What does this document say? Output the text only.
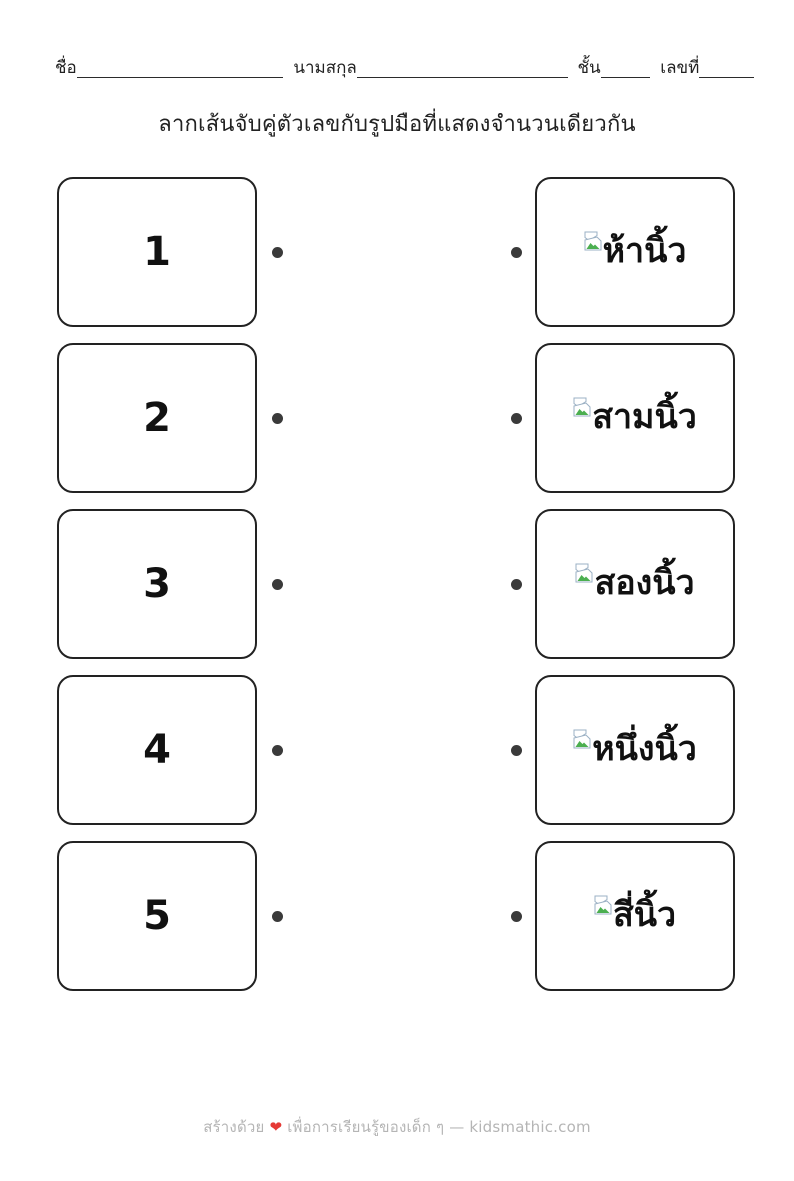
ชื่อ	นามสกุล	ชั้น	เลขที่
ลากเส้นจับคู่ตัวเลขกับรูปมือที่แสดงจำนวนเดียวกัน
1	ห้านิ้ว
2	สามนิ้ว
3	สองนิ้ว
4	หนึ่งนิ้ว
5	สี่นิ้ว
สร้างด้วย ❤ เพื่อการเรียนรู้ของเด็ก ๆ — kidsmathic.com
